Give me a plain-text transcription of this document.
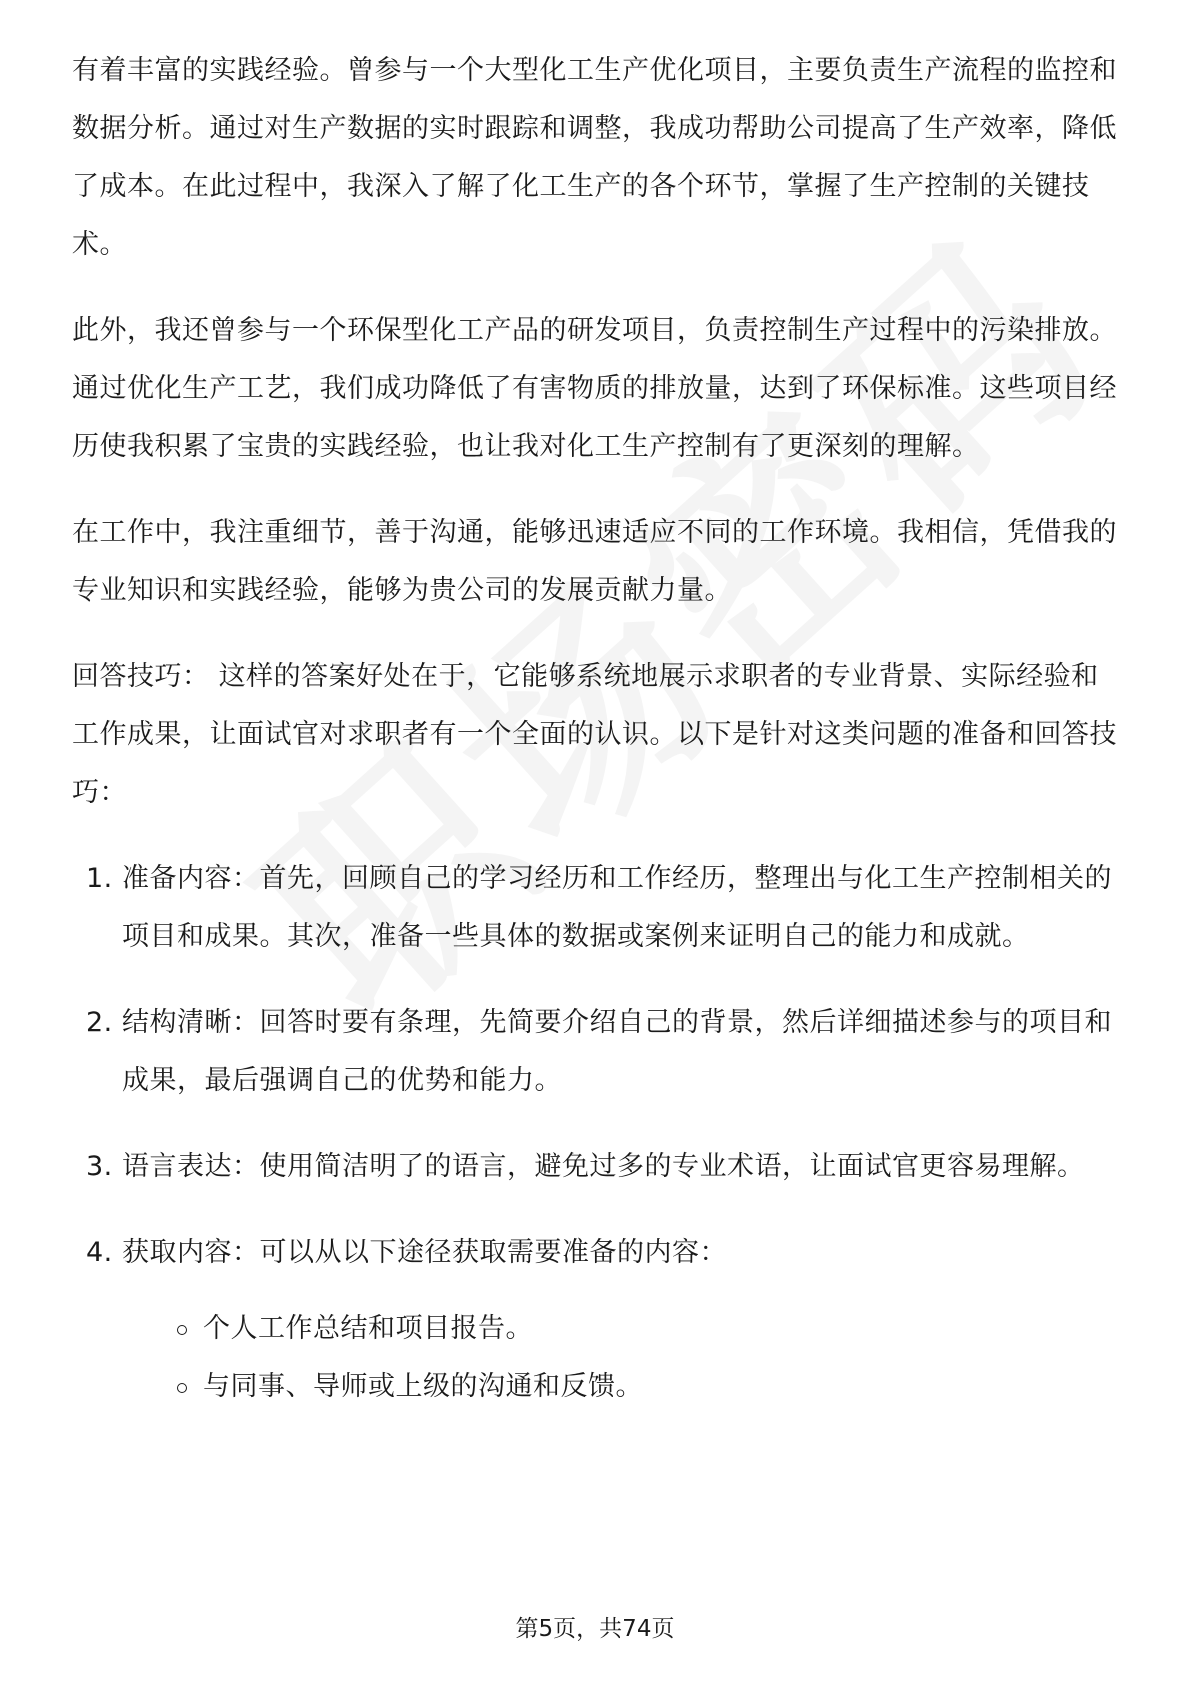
有着丰富的实践经验。曾参与一个大型化工生产优化项目，主要负责生产流程的监控和数据分析。通过对生产数据的实时跟踪和调整，我成功帮助公司提高了生产效率，降低了成本。在此过程中，我深入了解了化工生产的各个环节，掌握了生产控制的关键技术。

此外，我还曾参与一个环保型化工产品的研发项目，负责控制生产过程中的污染排放。通过优化生产工艺，我们成功降低了有害物质的排放量，达到了环保标准。这些项目经历使我积累了宝贵的实践经验，也让我对化工生产控制有了更深刻的理解。

在工作中，我注重细节，善于沟通，能够迅速适应不同的工作环境。我相信，凭借我的专业知识和实践经验，能够为贵公司的发展贡献力量。

回答技巧： 这样的答案好处在于，它能够系统地展示求职者的专业背景、实际经验和工作成果，让面试官对求职者有一个全面的认识。以下是针对这类问题的准备和回答技巧：

1. 准备内容：首先，回顾自己的学习经历和工作经历，整理出与化工生产控制相关的项目和成果。其次，准备一些具体的数据或案例来证明自己的能力和成就。
2. 结构清晰：回答时要有条理，先简要介绍自己的背景，然后详细描述参与的项目和成果，最后强调自己的优势和能力。
3. 语言表达：使用简洁明了的语言，避免过多的专业术语，让面试官更容易理解。
4. 获取内容：可以从以下途径获取需要准备的内容：
个人工作总结和项目报告。
与同事、导师或上级的沟通和反馈。
第5页，共74页
